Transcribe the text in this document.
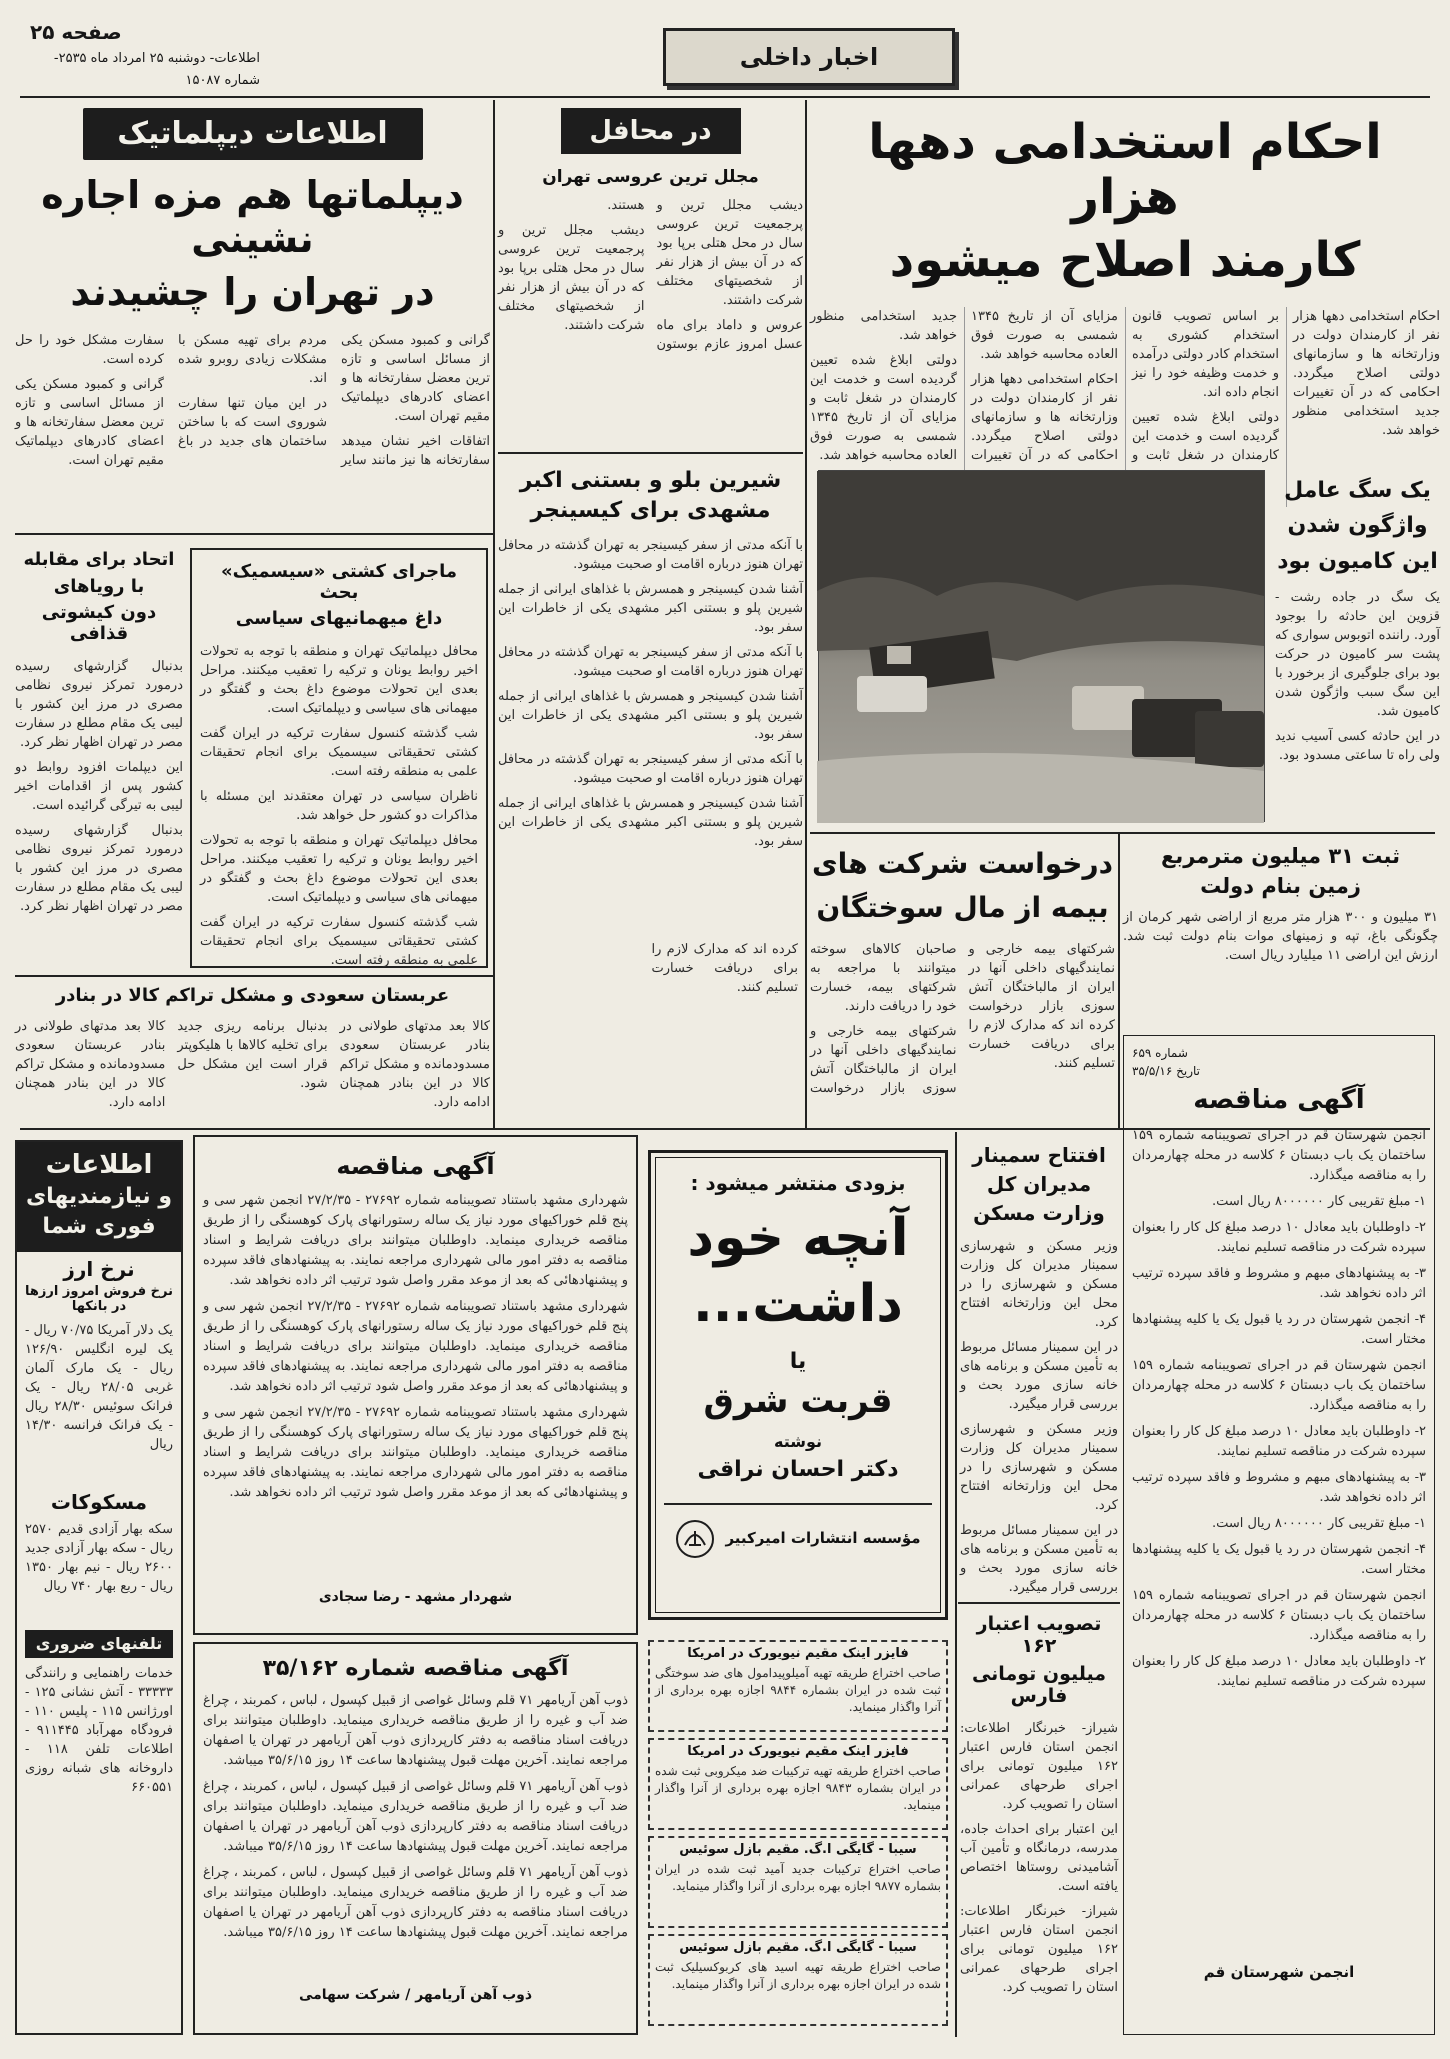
صفحه ۲۵
اطلاعات- دوشنبه ۲۵ امرداد ماه ۲۵۳۵- شماره ۱۵۰۸۷
اخبار داخلی
احکام استخدامی دهها هزار
کارمند اصلاح میشود

احکام استخدامی دهها هزار نفر از کارمندان دولت در وزارتخانه ها و سازمانهای دولتی اصلاح میگردد. احکامی که در آن تغییرات جدید استخدامی منظور خواهد شد.

بر اساس تصویب قانون استخدام کشوری به استخدام کادر دولتی درآمده و خدمت وظیفه خود را نیز انجام داده اند.

دولتی ابلاغ شده تعیین گردیده است و خدمت این کارمندان در شغل ثابت و مزایای آن از تاریخ ۱۳۴۵ شمسی به صورت فوق العاده محاسبه خواهد شد.

احکام استخدامی دهها هزار نفر از کارمندان دولت در وزارتخانه ها و سازمانهای دولتی اصلاح میگردد. احکامی که در آن تغییرات جدید استخدامی منظور خواهد شد.

دولتی ابلاغ شده تعیین گردیده است و خدمت این کارمندان در شغل ثابت و مزایای آن از تاریخ ۱۳۴۵ شمسی به صورت فوق العاده محاسبه خواهد شد.

اطلاعات دیپلماتیک
دیپلماتها هم مزه اجاره نشینی
در تهران را چشیدند

گرانی و کمبود مسکن یکی از مسائل اساسی و تازه ترین معضل سفارتخانه ها و اعضای کادرهای دیپلماتیک مقیم تهران است.

اتفاقات اخیر نشان میدهد سفارتخانه ها نیز مانند سایر مردم برای تهیه مسکن با مشکلات زیادی روبرو شده اند.

در این میان تنها سفارت شوروی است که با ساختن ساختمان های جدید در باغ سفارت مشکل خود را حل کرده است.

گرانی و کمبود مسکن یکی از مسائل اساسی و تازه ترین معضل سفارتخانه ها و اعضای کادرهای دیپلماتیک مقیم تهران است.

در محافل
مجلل ترین عروسی تهران

دیشب مجلل ترین و پرجمعیت ترین عروسی سال در محل هتلی برپا بود که در آن بیش از هزار نفر از شخصیتهای مختلف شرکت داشتند.

عروس و داماد برای ماه عسل امروز عازم بوستون هستند.

دیشب مجلل ترین و پرجمعیت ترین عروسی سال در محل هتلی برپا بود که در آن بیش از هزار نفر از شخصیتهای مختلف شرکت داشتند.

شیرین بلو و بستنی اکبر مشهدی برای کیسینجر

با آنکه مدتی از سفر کیسینجر به تهران گذشته در محافل تهران هنوز درباره اقامت او صحبت میشود.

آشنا شدن کیسینجر و همسرش با غذاهای ایرانی از جمله شیرین پلو و بستنی اکبر مشهدی یکی از خاطرات این سفر بود.

با آنکه مدتی از سفر کیسینجر به تهران گذشته در محافل تهران هنوز درباره اقامت او صحبت میشود.

آشنا شدن کیسینجر و همسرش با غذاهای ایرانی از جمله شیرین پلو و بستنی اکبر مشهدی یکی از خاطرات این سفر بود.

با آنکه مدتی از سفر کیسینجر به تهران گذشته در محافل تهران هنوز درباره اقامت او صحبت میشود.

آشنا شدن کیسینجر و همسرش با غذاهای ایرانی از جمله شیرین پلو و بستنی اکبر مشهدی یکی از خاطرات این سفر بود.

یک سگ عامل
واژگون شدن
این کامیون بود

یک سگ در جاده رشت - قزوین این حادثه را بوجود آورد. راننده اتوبوس سواری که پشت سر کامیون در حرکت بود برای جلوگیری از برخورد با این سگ سبب واژگون شدن کامیون شد.

در این حادثه کسی آسیب ندید ولی راه تا ساعتی مسدود بود.

درخواست شرکت های
بیمه از مال سوختگان

شرکتهای بیمه خارجی و نمایندگیهای داخلی آنها در ایران از مالباختگان آتش سوزی بازار درخواست کرده اند که مدارک لازم را برای دریافت خسارت تسلیم کنند.

صاحبان کالاهای سوخته میتوانند با مراجعه به شرکتهای بیمه، خسارت خود را دریافت دارند.

شرکتهای بیمه خارجی و نمایندگیهای داخلی آنها در ایران از مالباختگان آتش سوزی بازار درخواست کرده اند که مدارک لازم را برای دریافت خسارت تسلیم کنند.

ثبت ۳۱ میلیون مترمربع
زمین بنام دولت

۳۱ میلیون و ۳۰۰ هزار متر مربع از اراضی شهر کرمان از چگونگی باغ، تپه و زمینهای موات بنام دولت ثبت شد. ارزش این اراضی ۱۱ میلیارد ریال است.

شماره ۶۵۹
تاریخ ۳۵/۵/۱۶
آگهی مناقصه

انجمن شهرستان قم در اجرای تصویبنامه شماره ۱۵۹ ساختمان یک باب دبستان ۶ کلاسه در محله چهارمردان را به مناقصه میگذارد.

۱- مبلغ تقریبی کار ۸۰۰۰۰۰۰ ریال است.

۲- داوطلبان باید معادل ۱۰ درصد مبلغ کل کار را بعنوان سپرده شرکت در مناقصه تسلیم نمایند.

۳- به پیشنهادهای مبهم و مشروط و فاقد سپرده ترتیب اثر داده نخواهد شد.

۴- انجمن شهرستان در رد یا قبول یک یا کلیه پیشنهادها مختار است.

انجمن شهرستان قم در اجرای تصویبنامه شماره ۱۵۹ ساختمان یک باب دبستان ۶ کلاسه در محله چهارمردان را به مناقصه میگذارد.

۲- داوطلبان باید معادل ۱۰ درصد مبلغ کل کار را بعنوان سپرده شرکت در مناقصه تسلیم نمایند.

۳- به پیشنهادهای مبهم و مشروط و فاقد سپرده ترتیب اثر داده نخواهد شد.

۱- مبلغ تقریبی کار ۸۰۰۰۰۰۰ ریال است.

۴- انجمن شهرستان در رد یا قبول یک یا کلیه پیشنهادها مختار است.

انجمن شهرستان قم در اجرای تصویبنامه شماره ۱۵۹ ساختمان یک باب دبستان ۶ کلاسه در محله چهارمردان را به مناقصه میگذارد.

۲- داوطلبان باید معادل ۱۰ درصد مبلغ کل کار را بعنوان سپرده شرکت در مناقصه تسلیم نمایند.

انجمن شهرستان قم
ماجرای کشتی «سیسمیک» بحث
داغ میهمانیهای سیاسی

محافل دیپلماتیک تهران و منطقه با توجه به تحولات اخیر روابط یونان و ترکیه را تعقیب میکنند. مراحل بعدی این تحولات موضوع داغ بحث و گفتگو در میهمانی های سیاسی و دیپلماتیک است.

شب گذشته کنسول سفارت ترکیه در ایران گفت کشتی تحقیقاتی سیسمیک برای انجام تحقیقات علمی به منطقه رفته است.

ناظران سیاسی در تهران معتقدند این مسئله با مذاکرات دو کشور حل خواهد شد.

محافل دیپلماتیک تهران و منطقه با توجه به تحولات اخیر روابط یونان و ترکیه را تعقیب میکنند. مراحل بعدی این تحولات موضوع داغ بحث و گفتگو در میهمانی های سیاسی و دیپلماتیک است.

شب گذشته کنسول سفارت ترکیه در ایران گفت کشتی تحقیقاتی سیسمیک برای انجام تحقیقات علمی به منطقه رفته است.

اتحاد برای مقابله
با رویاهای
دون کیشوتی قذافی

بدنبال گزارشهای رسیده درمورد تمرکز نیروی نظامی مصری در مرز این کشور با لیبی یک مقام مطلع در سفارت مصر در تهران اظهار نظر کرد.

این دیپلمات افزود روابط دو کشور پس از اقدامات اخیر لیبی به تیرگی گرائیده است.

بدنبال گزارشهای رسیده درمورد تمرکز نیروی نظامی مصری در مرز این کشور با لیبی یک مقام مطلع در سفارت مصر در تهران اظهار نظر کرد.

عربستان سعودی و مشکل تراکم کالا در بنادر

کالا بعد مدتهای طولانی در بنادر عربستان سعودی مسدودمانده و مشکل تراکم کالا در این بنادر همچنان ادامه دارد.

بدنبال برنامه ریزی جدید برای تخلیه کالاها با هلیکوپتر قرار است این مشکل حل شود.

کالا بعد مدتهای طولانی در بنادر عربستان سعودی مسدودمانده و مشکل تراکم کالا در این بنادر همچنان ادامه دارد.

اطلاعات
و نیازمندیهای
فوری شما
نرخ ارز
نرخ فروش امروز ارزها در بانکها
یک دلار آمریکا ۷۰/۷۵ ریال - یک لیره انگلیس ۱۲۶/۹۰ ریال - یک مارک آلمان غربی ۲۸/۰۵ ریال - یک فرانک سوئیس ۲۸/۳۰ ریال - یک فرانک فرانسه ۱۴/۳۰ ریال
مسکوکات
سکه بهار آزادی قدیم ۲۵۷۰ ریال - سکه بهار آزادی جدید ۲۶۰۰ ریال - نیم بهار ۱۳۵۰ ریال - ربع بهار ۷۴۰ ریال
تلفنهای ضروری
خدمات راهنمایی و رانندگی ۳۳۳۳۳ - آتش نشانی ۱۲۵ - اورژانس ۱۱۵ - پلیس ۱۱۰ - فرودگاه مهرآباد ۹۱۱۴۴۵ - اطلاعات تلفن ۱۱۸ - داروخانه های شبانه روزی ۶۶۰۵۵۱
آگهی مناقصه

شهرداری مشهد باستناد تصویبنامه شماره ۲۷۶۹۲ - ۲۷/۲/۳۵ انجمن شهر سی و پنج قلم خوراکیهای مورد نیاز یک ساله رستورانهای پارک کوهسنگی را از طریق مناقصه خریداری مینماید. داوطلبان میتوانند برای دریافت شرایط و اسناد مناقصه به دفتر امور مالی شهرداری مراجعه نمایند. به پیشنهادهای فاقد سپرده و پیشنهادهائی که بعد از موعد مقرر واصل شود ترتیب اثر داده نخواهد شد.

شهرداری مشهد باستناد تصویبنامه شماره ۲۷۶۹۲ - ۲۷/۲/۳۵ انجمن شهر سی و پنج قلم خوراکیهای مورد نیاز یک ساله رستورانهای پارک کوهسنگی را از طریق مناقصه خریداری مینماید. داوطلبان میتوانند برای دریافت شرایط و اسناد مناقصه به دفتر امور مالی شهرداری مراجعه نمایند. به پیشنهادهای فاقد سپرده و پیشنهادهائی که بعد از موعد مقرر واصل شود ترتیب اثر داده نخواهد شد.

شهرداری مشهد باستناد تصویبنامه شماره ۲۷۶۹۲ - ۲۷/۲/۳۵ انجمن شهر سی و پنج قلم خوراکیهای مورد نیاز یک ساله رستورانهای پارک کوهسنگی را از طریق مناقصه خریداری مینماید. داوطلبان میتوانند برای دریافت شرایط و اسناد مناقصه به دفتر امور مالی شهرداری مراجعه نمایند. به پیشنهادهای فاقد سپرده و پیشنهادهائی که بعد از موعد مقرر واصل شود ترتیب اثر داده نخواهد شد.

شهردار مشهد - رضا سجادی
آگهی مناقصه شماره ۳۵/۱۶۲

ذوب آهن آریامهر ۷۱ قلم وسائل غواصی از قبیل کپسول ، لباس ، کمربند ، چراغ ضد آب و غیره را از طریق مناقصه خریداری مینماید. داوطلبان میتوانند برای دریافت اسناد مناقصه به دفتر کارپردازی ذوب آهن آریامهر در تهران یا اصفهان مراجعه نمایند. آخرین مهلت قبول پیشنهادها ساعت ۱۴ روز ۳۵/۶/۱۵ میباشد.

ذوب آهن آریامهر ۷۱ قلم وسائل غواصی از قبیل کپسول ، لباس ، کمربند ، چراغ ضد آب و غیره را از طریق مناقصه خریداری مینماید. داوطلبان میتوانند برای دریافت اسناد مناقصه به دفتر کارپردازی ذوب آهن آریامهر در تهران یا اصفهان مراجعه نمایند. آخرین مهلت قبول پیشنهادها ساعت ۱۴ روز ۳۵/۶/۱۵ میباشد.

ذوب آهن آریامهر ۷۱ قلم وسائل غواصی از قبیل کپسول ، لباس ، کمربند ، چراغ ضد آب و غیره را از طریق مناقصه خریداری مینماید. داوطلبان میتوانند برای دریافت اسناد مناقصه به دفتر کارپردازی ذوب آهن آریامهر در تهران یا اصفهان مراجعه نمایند. آخرین مهلت قبول پیشنهادها ساعت ۱۴ روز ۳۵/۶/۱۵ میباشد.

ذوب آهن آریامهر / شرکت سهامی
بزودی منتشر میشود :
آنچه خود
داشت...
یا
قربت شرق
نوشته
دکتر احسان نراقی
مؤسسه انتشارات امیرکبیر
فایزر اینک مقیم نیویورک در امریکا
صاحب اختراع طریقه تهیه آمیلوپیدامول های ضد سوختگی ثبت شده در ایران بشماره ۹۸۴۴ اجازه بهره برداری از آنرا واگذار مینماید.
فایزر اینک مقیم نیویورک در امریکا
صاحب اختراع طریقه تهیه ترکیبات ضد میکروبی ثبت شده در ایران بشماره ۹۸۴۳ اجازه بهره برداری از آنرا واگذار مینماید.
سیبا - گایگی ا.گ. مقیم بازل سوئیس
صاحب اختراع ترکیبات جدید آمید ثبت شده در ایران بشماره ۹۸۷۷ اجازه بهره برداری از آنرا واگذار مینماید.
سیبا - گایگی ا.گ. مقیم بازل سوئیس
صاحب اختراع طریقه تهیه اسید های کربوکسیلیک ثبت شده در ایران اجازه بهره برداری از آنرا واگذار مینماید.
افتتاح سمینار
مدیران کل
وزارت مسکن

وزیر مسکن و شهرسازی سمینار مدیران کل وزارت مسکن و شهرسازی را در محل این وزارتخانه افتتاح کرد.

در این سمینار مسائل مربوط به تأمین مسکن و برنامه های خانه سازی مورد بحث و بررسی قرار میگیرد.

وزیر مسکن و شهرسازی سمینار مدیران کل وزارت مسکن و شهرسازی را در محل این وزارتخانه افتتاح کرد.

در این سمینار مسائل مربوط به تأمین مسکن و برنامه های خانه سازی مورد بحث و بررسی قرار میگیرد.

تصویب اعتبار ۱۶۲
میلیون تومانی فارس

شیراز- خبرنگار اطلاعات: انجمن استان فارس اعتبار ۱۶۲ میلیون تومانی برای اجرای طرحهای عمرانی استان را تصویب کرد.

این اعتبار برای احداث جاده، مدرسه، درمانگاه و تأمین آب آشامیدنی روستاها اختصاص یافته است.

شیراز- خبرنگار اطلاعات: انجمن استان فارس اعتبار ۱۶۲ میلیون تومانی برای اجرای طرحهای عمرانی استان را تصویب کرد.
